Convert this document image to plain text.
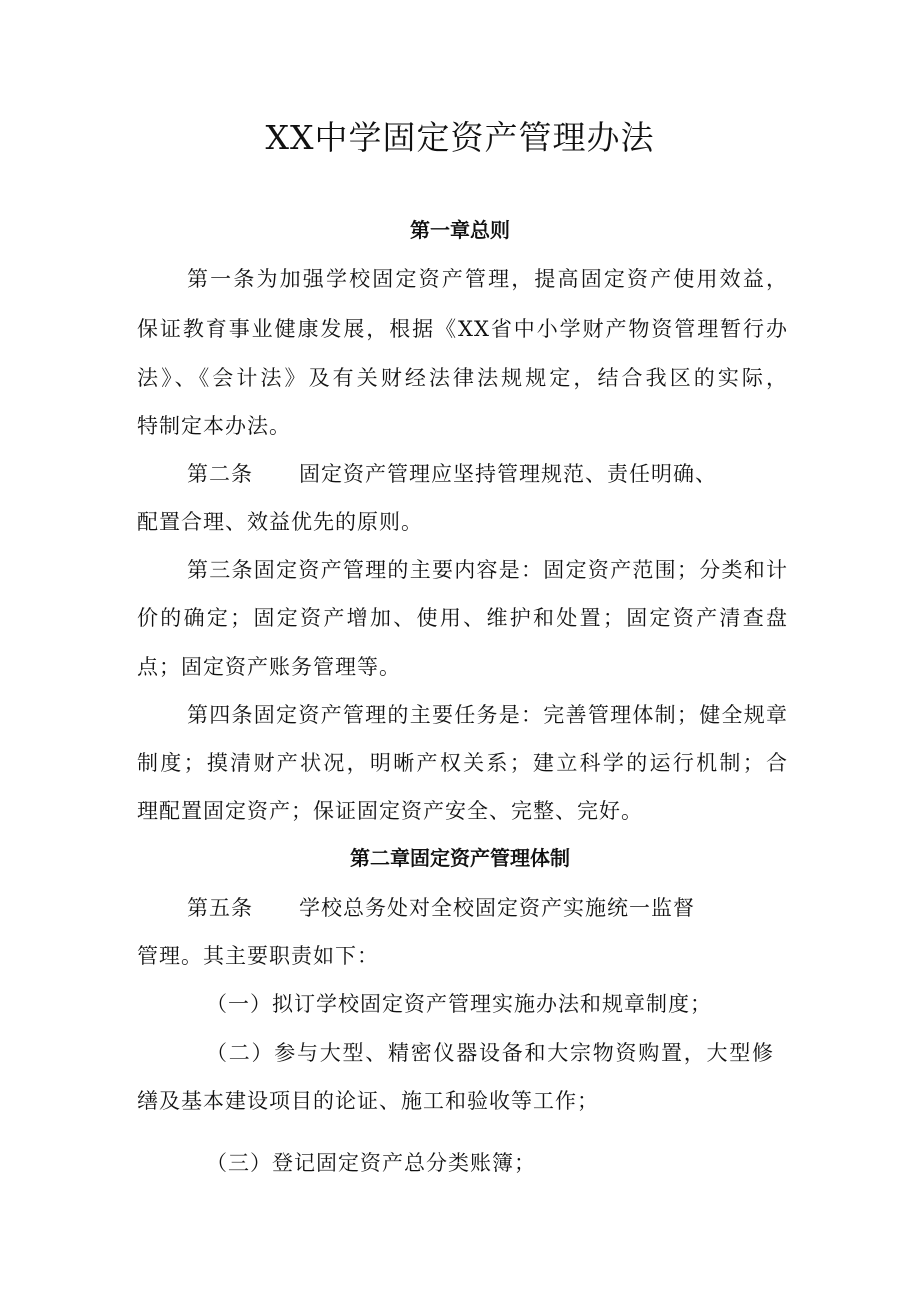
XX中学固定资产管理办法
第一章总则
第一条为加强学校固定资产管理，提高固定资产使用效益，
保证教育事业健康发展，根据《XX省中小学财产物资管理暂行办
法》、《会计法》及有关财经法律法规规定，结合我区的实际，
特制定本办法。
第二条 固定资产管理应坚持管理规范、责任明确、
配置合理、效益优先的原则。
第三条固定资产管理的主要内容是：固定资产范围；分类和计
价的确定；固定资产增加、使用、维护和处置；固定资产清查盘
点；固定资产账务管理等。
第四条固定资产管理的主要任务是：完善管理体制；健全规章
制度；摸清财产状况，明晰产权关系；建立科学的运行机制；合
理配置固定资产；保证固定资产安全、完整、完好。
第二章固定资产管理体制
第五条 学校总务处对全校固定资产实施统一监督
管理。其主要职责如下：
（一）拟订学校固定资产管理实施办法和规章制度；
（二）参与大型、精密仪器设备和大宗物资购置，大型修
缮及基本建设项目的论证、施工和验收等工作；
（三）登记固定资产总分类账簿；
